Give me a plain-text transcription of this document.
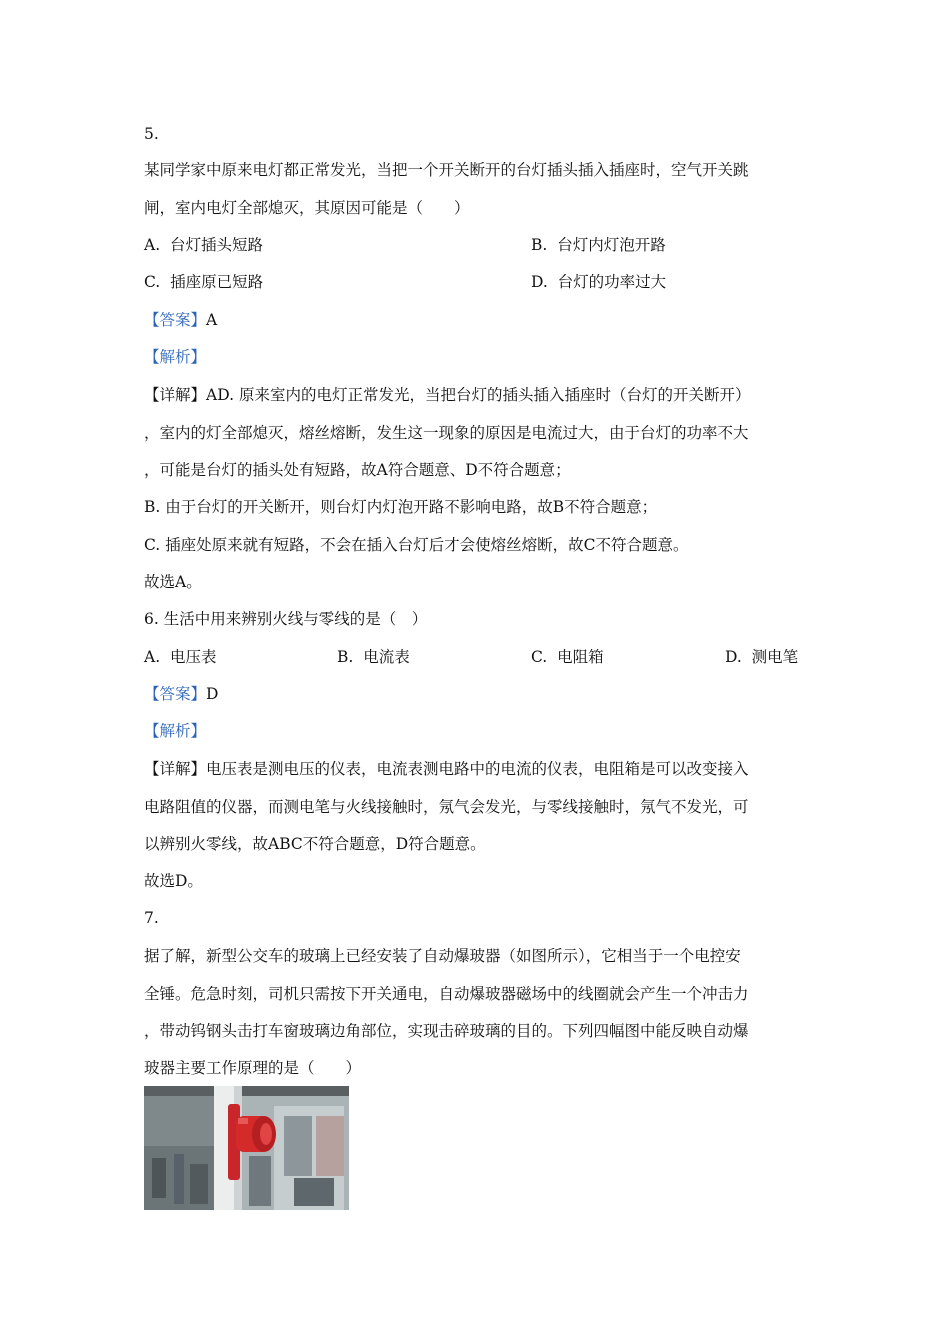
5.
某同学家中原来电灯都正常发光，当把一个开关断开的台灯插头插入插座时，空气开关跳
闸，室内电灯全部熄灭，其原因可能是（　　）
A. 台灯插头短路	B. 台灯内灯泡开路
C. 插座原已短路	D. 台灯的功率过大
【答案】A
【解析】
【详解】AD. 原来室内的电灯正常发光，当把台灯的插头插入插座时（台灯的开关断开）
，室内的灯全部熄灭，熔丝熔断，发生这一现象的原因是电流过大，由于台灯的功率不大
，可能是台灯的插头处有短路，故A符合题意、D不符合题意；
B. 由于台灯的开关断开，则台灯内灯泡开路不影响电路，故B不符合题意；
C. 插座处原来就有短路，不会在插入台灯后才会使熔丝熔断，故C不符合题意。
故选A。
6. 生活中用来辨别火线与零线的是（　）
A. 电压表	B. 电流表	C. 电阻箱	D. 测电笔
【答案】D
【解析】
【详解】电压表是测电压的仪表，电流表测电路中的电流的仪表，电阻箱是可以改变接入
电路阻值的仪器，而测电笔与火线接触时，氖气会发光，与零线接触时，氖气不发光，可
以辨别火零线，故ABC不符合题意，D符合题意。
故选D。
7.
据了解，新型公交车的玻璃上已经安装了自动爆玻器（如图所示），它相当于一个电控安
全锤。危急时刻，司机只需按下开关通电，自动爆玻器磁场中的线圈就会产生一个冲击力
，带动钨钢头击打车窗玻璃边角部位，实现击碎玻璃的目的。下列四幅图中能反映自动爆
玻器主要工作原理的是（　　）
